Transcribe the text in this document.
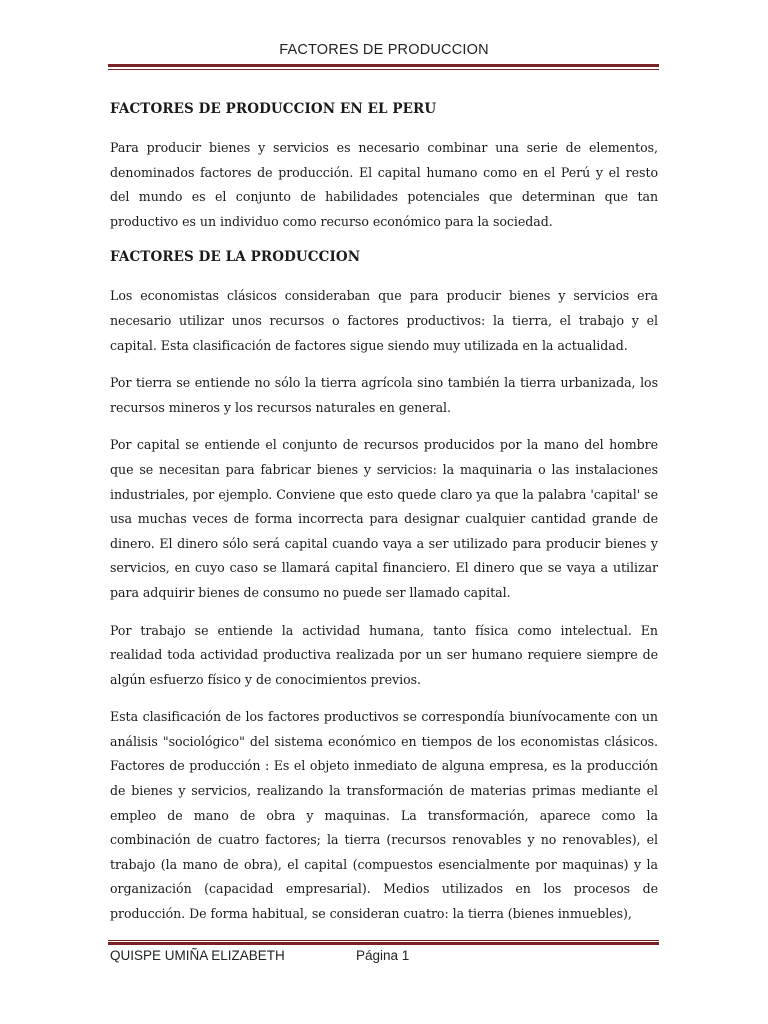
FACTORES DE PRODUCCION
FACTORES DE PRODUCCION EN EL PERU

Para producir bienes y servicios es necesario combinar una serie de elementos, denominados factores de producción. El capital humano como en el Perú y el resto del mundo es el conjunto de habilidades potenciales que determinan que tan productivo es un individuo como recurso económico para la sociedad.

FACTORES DE LA PRODUCCION

Los economistas clásicos consideraban que para producir bienes y servicios era necesario utilizar unos recursos o factores productivos: la tierra, el trabajo y el capital. Esta clasificación de factores sigue siendo muy utilizada en la actualidad.

Por tierra se entiende no sólo la tierra agrícola sino también la tierra urbanizada, los recursos mineros y los recursos naturales en general.

Por capital se entiende el conjunto de recursos producidos por la mano del hombre que se necesitan para fabricar bienes y servicios: la maquinaria o las instalaciones industriales, por ejemplo. Conviene que esto quede claro ya que la palabra 'capital' se usa muchas veces de forma incorrecta para designar cualquier cantidad grande de dinero. El dinero sólo será capital cuando vaya a ser utilizado para producir bienes y servicios, en cuyo caso se llamará capital financiero. El dinero que se vaya a utilizar para adquirir bienes de consumo no puede ser llamado capital.

Por trabajo se entiende la actividad humana, tanto física como intelectual. En realidad toda actividad productiva realizada por un ser humano requiere siempre de algún esfuerzo físico y de conocimientos previos.

Esta clasificación de los factores productivos se correspondía biunívocamente con un análisis "sociológico" del sistema económico en tiempos de los economistas clásicos. Factores de producción : Es el objeto inmediato de alguna empresa, es la producción de bienes y servicios, realizando la transformación de materias primas mediante el empleo de mano de obra y maquinas. La transformación, aparece como la combinación de cuatro factores; la tierra (recursos renovables y no renovables), el trabajo (la mano de obra), el capital (compuestos esencialmente por maquinas) y la organización (capacidad empresarial). Medios utilizados en los procesos de producción. De forma habitual, se consideran cuatro: la tierra (bienes inmuebles),

QUISPE UMIÑA ELIZABETH	Página 1
